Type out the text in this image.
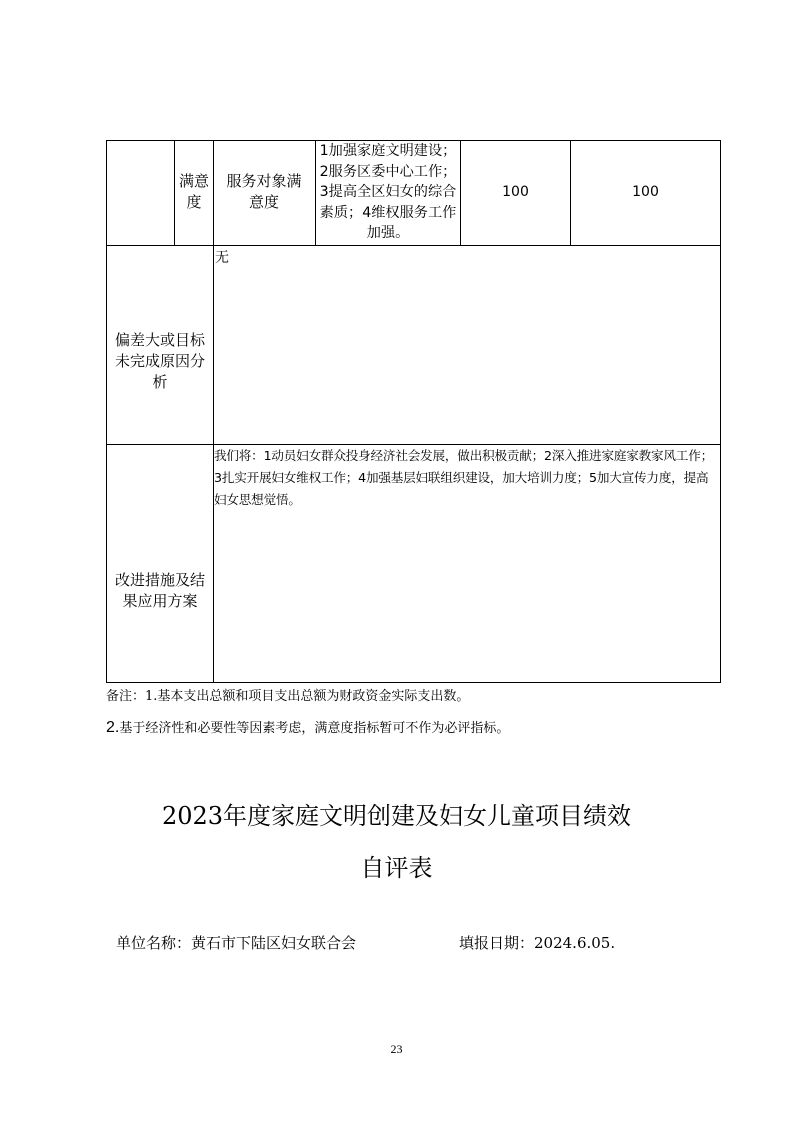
满意度
服务对象满意度
1加强家庭文明建设；2服务区委中心工作；3提高全区妇女的综合素质；4维权服务工作加强。
100	100
偏差大或目标未完成原因分析
无
改进措施及结果应用方案
我们将：1动员妇女群众投身经济社会发展，做出积极贡献；2深入推进家庭家教家风工作；3扎实开展妇女维权工作；4加强基层妇联组织建设，加大培训力度；5加大宣传力度，提高妇女思想觉悟。
备注：1.基本支出总额和项目支出总额为财政资金实际支出数。
2.基于经济性和必要性等因素考虑，满意度指标暂可不作为必评指标。
2023年度家庭文明创建及妇女儿童项目绩效
自评表
单位名称：黄石市下陆区妇女联合会	填报日期：2024.6.05.
23
